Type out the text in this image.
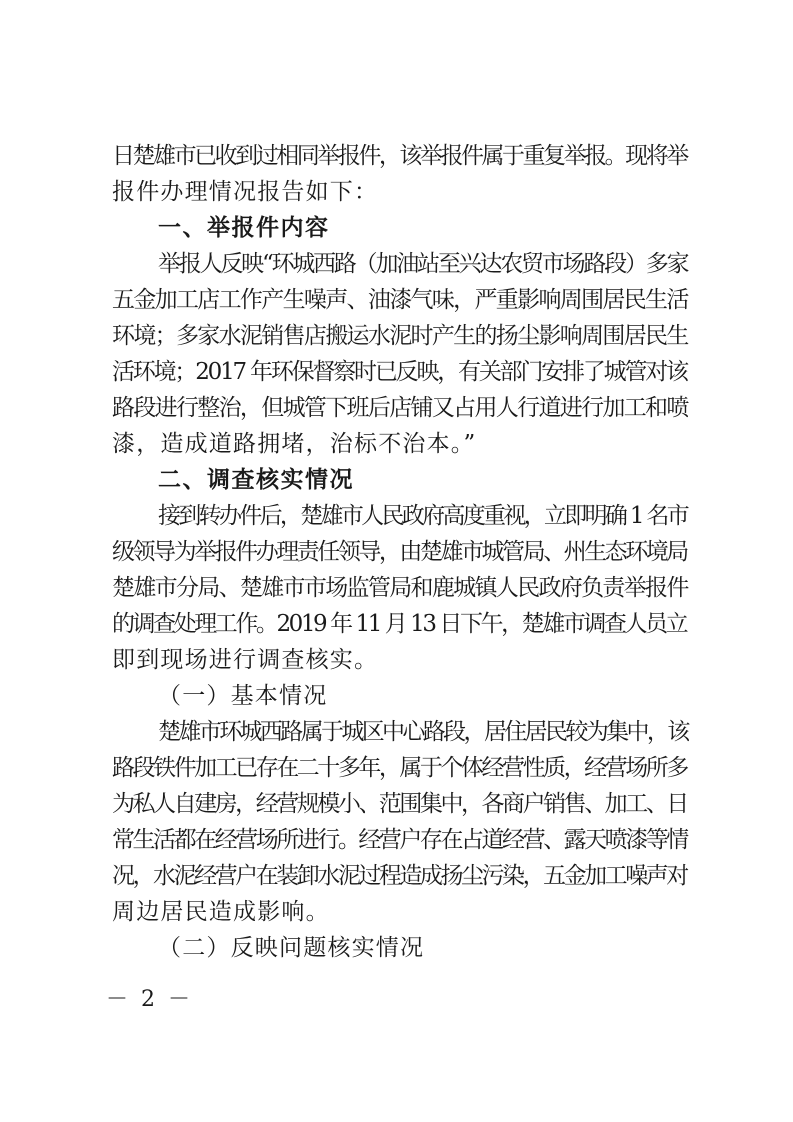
日楚雄市已收到过相同举报件，该举报件属于重复举报。现将举
报件办理情况报告如下：
一、举报件内容
举报人反映“环城西路（加油站至兴达农贸市场路段）多家
五金加工店工作产生噪声、油漆气味，严重影响周围居民生活
环境；多家水泥销售店搬运水泥时产生的扬尘影响周围居民生
活环境；2017 年环保督察时已反映，有关部门安排了城管对该
路段进行整治，但城管下班后店铺又占用人行道进行加工和喷
漆，造成道路拥堵，治标不治本。”
二、调查核实情况
接到转办件后，楚雄市人民政府高度重视，立即明确 1 名市
级领导为举报件办理责任领导，由楚雄市城管局、州生态环境局
楚雄市分局、楚雄市市场监管局和鹿城镇人民政府负责举报件
的调查处理工作。2019 年 11 月 13 日下午，楚雄市调查人员立
即到现场进行调查核实。
（一）基本情况
楚雄市环城西路属于城区中心路段，居住居民较为集中，该
路段铁件加工已存在二十多年，属于个体经营性质，经营场所多
为私人自建房，经营规模小、范围集中，各商户销售、加工、日
常生活都在经营场所进行。经营户存在占道经营、露天喷漆等情
况，水泥经营户在装卸水泥过程造成扬尘污染，五金加工噪声对
周边居民造成影响。
（二）反映问题核实情况
－ 2 －
